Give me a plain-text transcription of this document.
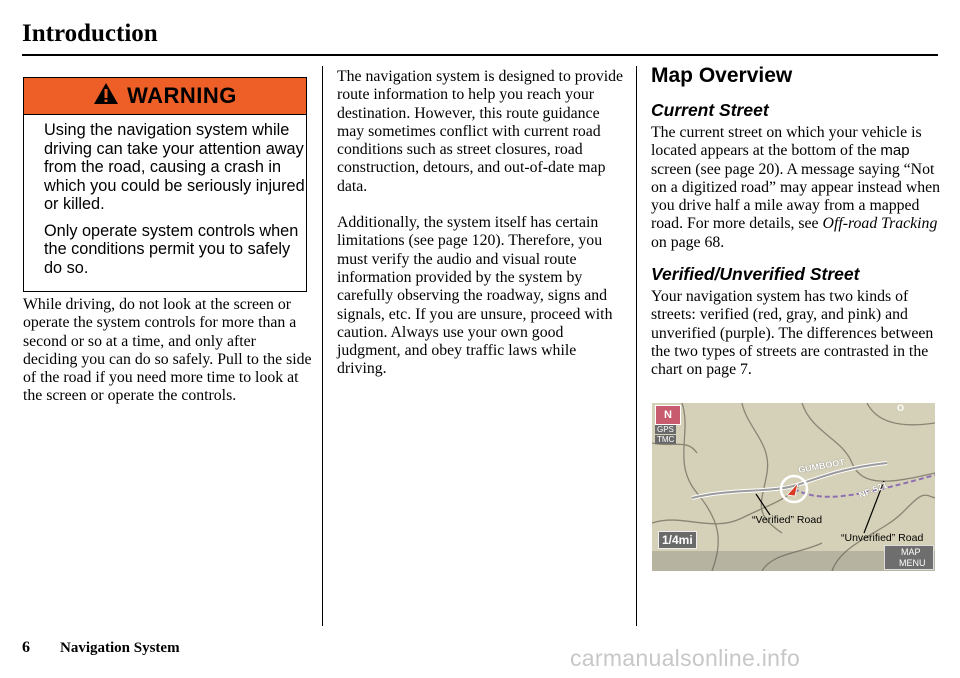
Introduction
WARNING

Using the navigation system while driving can take your attention away from the road, causing a crash in which you could be seriously injured or killed.

Only operate system controls when the conditions permit you to safely do so.

While driving, do not look at the screen or operate the system controls for more than a second or so at a time, and only after deciding you can do so safely. Pull to the side of the road if you need more time to look at the screen or operate the controls.

The navigation system is designed to provide route information to help you reach your destination. However, this route guidance may sometimes conflict with current road conditions such as street closures, road construction, detours, and out-of-date map data.

Additionally, the system itself has certain limitations (see page 120). Therefore, you must verify the audio and visual route information provided by the system by carefully observing the roadway, signs and signals, etc. If you are unsure, proceed with caution. Always use your own good judgment, and obey traffic laws while driving.

Map Overview
Current Street

The current street on which your vehicle is located appears at the bottom of the map screen (see page 20). A message saying “Not on a digitized road” may appear instead when you drive half a mile away from a mapped road. For more details, see Off-road Tracking on page 68.

Verified/Unverified Street

Your navigation system has two kinds of streets: verified (red, gray, and pink) and unverified (purple). The differences between the two types of streets are contrasted in the chart on page 7.

N
GPS
TMC
GUMBOOT
NF-521
O
“Verified” Road
“Unverified” Road
1/4mi
MAP
MENU
6 Navigation System	carmanualsonline.info
